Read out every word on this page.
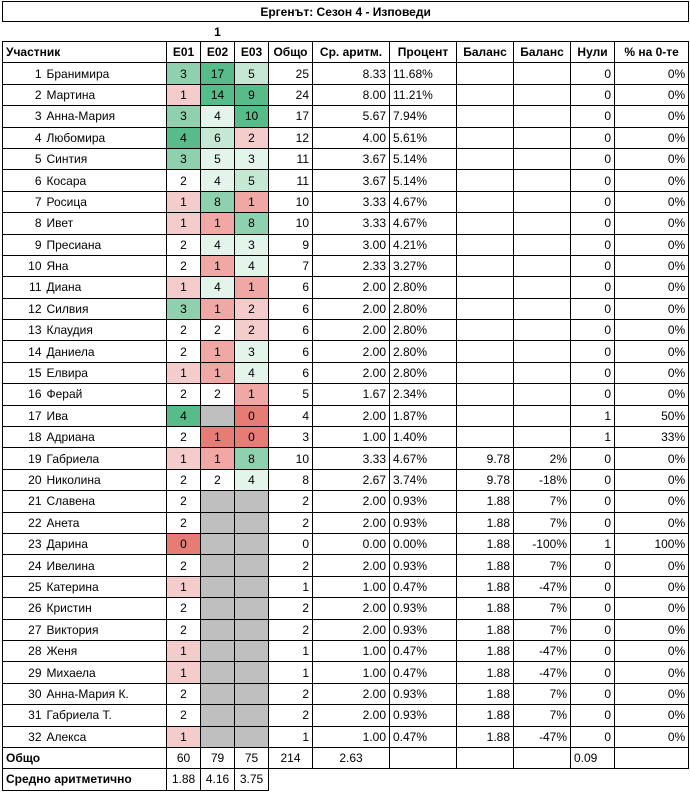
Ергенът: Сезон 4 - Изповеди											
			1								
Участник		E01	E02	E03	Общо	Ср. аритм.	Процент	Баланс	Баланс	Нули	% на 0-те
1	Бранимира	3	17	5	25	8.33	11.68%			0	0%
2	Мартина	1	14	9	24	8.00	11.21%			0	0%
3	Анна-Мария	3	4	10	17	5.67	7.94%			0	0%
4	Любомира	4	6	2	12	4.00	5.61%			0	0%
5	Синтия	3	5	3	11	3.67	5.14%			0	0%
6	Косара	2	4	5	11	3.67	5.14%			0	0%
7	Росица	1	8	1	10	3.33	4.67%			0	0%
8	Ивет	1	1	8	10	3.33	4.67%			0	0%
9	Пресиана	2	4	3	9	3.00	4.21%			0	0%
10	Яна	2	1	4	7	2.33	3.27%			0	0%
11	Диана	1	4	1	6	2.00	2.80%			0	0%
12	Силвия	3	1	2	6	2.00	2.80%			0	0%
13	Клаудия	2	2	2	6	2.00	2.80%			0	0%
14	Даниела	2	1	3	6	2.00	2.80%			0	0%
15	Елвира	1	1	4	6	2.00	2.80%			0	0%
16	Ферай	2	2	1	5	1.67	2.34%			0	0%
17	Ива	4		0	4	2.00	1.87%			1	50%
18	Адриана	2	1	0	3	1.00	1.40%			1	33%
19	Габриела	1	1	8	10	3.33	4.67%	9.78	2%	0	0%
20	Николина	2	2	4	8	2.67	3.74%	9.78	-18%	0	0%
21	Славена	2			2	2.00	0.93%	1.88	7%	0	0%
22	Анета	2			2	2.00	0.93%	1.88	7%	0	0%
23	Дарина	0			0	0.00	0.00%	1.88	-100%	1	100%
24	Ивелина	2			2	2.00	0.93%	1.88	7%	0	0%
25	Катерина	1			1	1.00	0.47%	1.88	-47%	0	0%
26	Кристин	2			2	2.00	0.93%	1.88	7%	0	0%
27	Виктория	2			2	2.00	0.93%	1.88	7%	0	0%
28	Женя	1			1	1.00	0.47%	1.88	-47%	0	0%
29	Михаела	1			1	1.00	0.47%	1.88	-47%	0	0%
30	Анна-Мария К.	2			2	2.00	0.93%	1.88	7%	0	0%
31	Габриела Т.	2			2	2.00	0.93%	1.88	7%	0	0%
32	Алекса	1			1	1.00	0.47%	1.88	-47%	0	0%
Общо		60	79	75	214	2.63				0.09	
Средно аритметично		1.88	4.16	3.75							
